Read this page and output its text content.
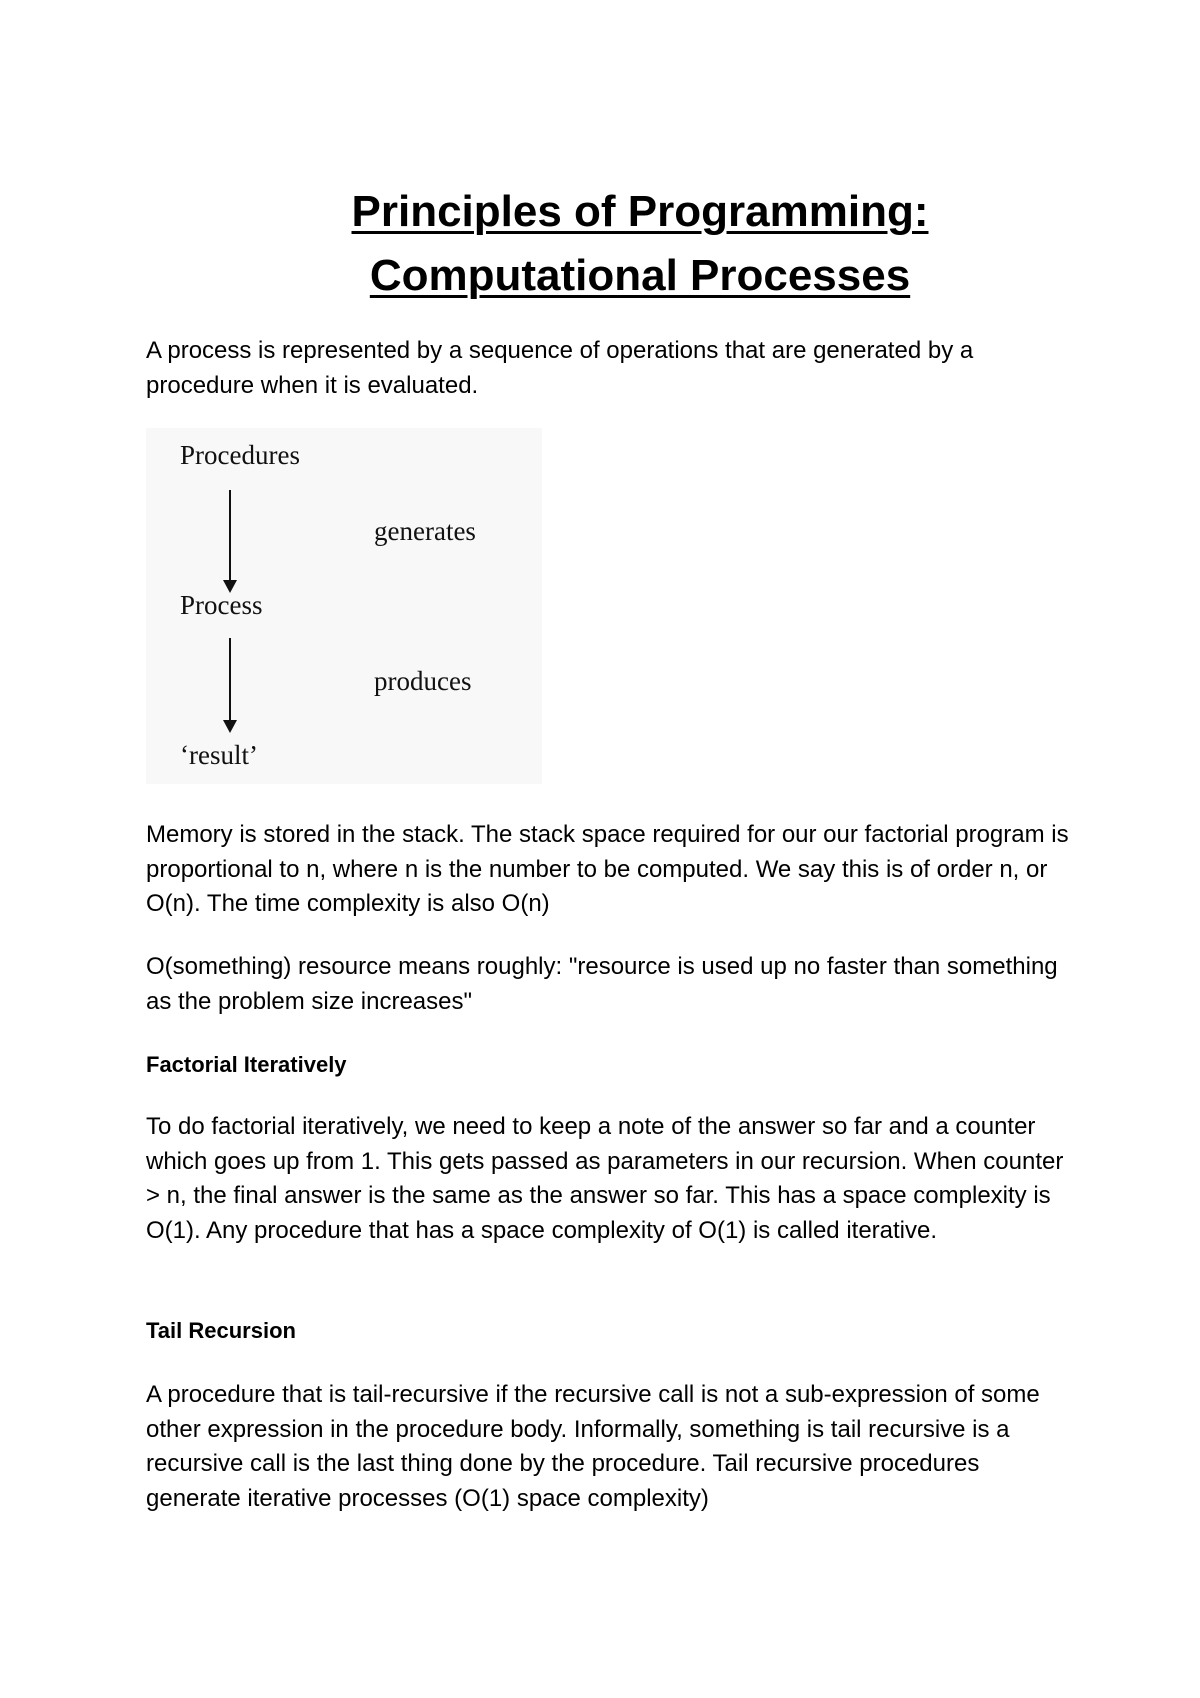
Principles of Programming:
Computational Processes

A process is represented by a sequence of operations that are generated by a procedure when it is evaluated.

Procedures
generates
Process
produces
‘result’

Memory is stored in the stack. The stack space required for our our factorial program is proportional to n, where n is the number to be computed. We say this is of order n, or O(n). The time complexity is also O(n)

O(something) resource means roughly: "resource is used up no faster than something as the problem size increases"

Factorial Iteratively

To do factorial iteratively, we need to keep a note of the answer so far and a counter which goes up from 1. This gets passed as parameters in our recursion. When counter > n, the final answer is the same as the answer so far. This has a space complexity is O(1). Any procedure that has a space complexity of O(1) is called iterative.

Tail Recursion

A procedure that is tail-recursive if the recursive call is not a sub-expression of some other expression in the procedure body. Informally, something is tail recursive is a recursive call is the last thing done by the procedure. Tail recursive procedures generate iterative processes (O(1) space complexity)
